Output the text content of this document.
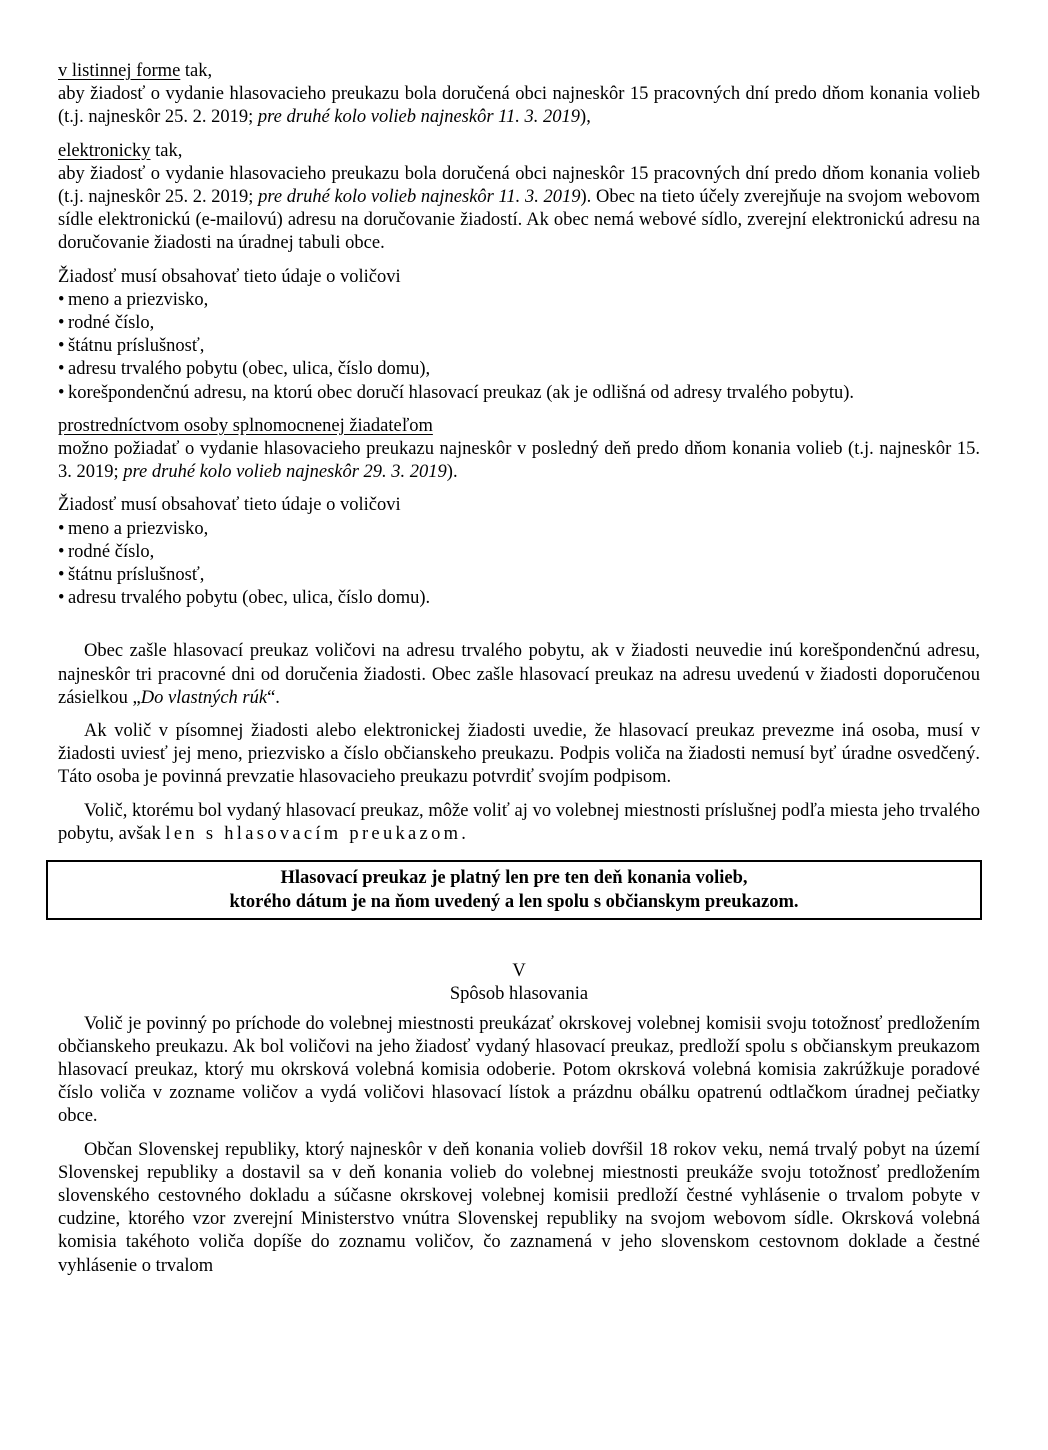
v listinnej forme tak,

aby žiadosť o vydanie hlasovacieho preukazu bola doručená obci najneskôr 15 pracovných dní predo dňom konania volieb (t.j. najneskôr 25. 2. 2019; pre druhé kolo volieb najneskôr 11. 3. 2019),

elektronicky tak,

aby žiadosť o vydanie hlasovacieho preukazu bola doručená obci najneskôr 15 pracovných dní predo dňom konania volieb (t.j. najneskôr 25. 2. 2019; pre druhé kolo volieb najneskôr 11. 3. 2019). Obec na tieto účely zverejňuje na svojom webovom sídle elektronickú (e-mailovú) adresu na doručovanie žiadostí. Ak obec nemá webové sídlo, zverejní elektronickú adresu na doručovanie žiadosti na úradnej tabuli obce.

Žiadosť musí obsahovať tieto údaje o voličovi

• meno a priezvisko,
• rodné číslo,
• štátnu príslušnosť,
• adresu trvalého pobytu (obec, ulica, číslo domu),
• korešpondenčnú adresu, na ktorú obec doručí hlasovací preukaz (ak je odlišná od adresy trvalého pobytu).

prostredníctvom osoby splnomocnenej žiadateľom

možno požiadať o vydanie hlasovacieho preukazu najneskôr v posledný deň predo dňom konania volieb (t.j. najneskôr 15. 3. 2019; pre druhé kolo volieb najneskôr 29. 3. 2019).

Žiadosť musí obsahovať tieto údaje o voličovi

• meno a priezvisko,
• rodné číslo,
• štátnu príslušnosť,
• adresu trvalého pobytu (obec, ulica, číslo domu).

Obec zašle hlasovací preukaz voličovi na adresu trvalého pobytu, ak v žiadosti neuvedie inú korešpondenčnú adresu, najneskôr tri pracovné dni od doručenia žiadosti. Obec zašle hlasovací preukaz na adresu uvedenú v žiadosti doporučenou zásielkou „Do vlastných rúk“.

Ak volič v písomnej žiadosti alebo elektronickej žiadosti uvedie, že hlasovací preukaz prevezme iná osoba, musí v žiadosti uviesť jej meno, priezvisko a číslo občianskeho preukazu. Podpis voliča na žiadosti nemusí byť úradne osvedčený. Táto osoba je povinná prevzatie hlasovacieho preukazu potvrdiť svojím podpisom.

Volič, ktorému bol vydaný hlasovací preukaz, môže voliť aj vo volebnej miestnosti príslušnej podľa miesta jeho trvalého pobytu, avšak len s hlasovacím preukazom.

Hlasovací preukaz je platný len pre ten deň konania volieb,
ktorého dátum je na ňom uvedený a len spolu s občianskym preukazom.

V

Spôsob hlasovania

Volič je povinný po príchode do volebnej miestnosti preukázať okrskovej volebnej komisii svoju totožnosť predložením občianskeho preukazu. Ak bol voličovi na jeho žiadosť vydaný hlasovací preukaz, predloží spolu s občianskym preukazom hlasovací preukaz, ktorý mu okrsková volebná komisia odoberie. Potom okrsková volebná komisia zakrúžkuje poradové číslo voliča v zozname voličov a vydá voličovi hlasovací lístok a prázdnu obálku opatrenú odtlačkom úradnej pečiatky obce.

Občan Slovenskej republiky, ktorý najneskôr v deň konania volieb dovŕšil 18 rokov veku, nemá trvalý pobyt na území Slovenskej republiky a dostavil sa v deň konania volieb do volebnej miestnosti preukáže svoju totožnosť predložením slovenského cestovného dokladu a súčasne okrskovej volebnej komisii predloží čestné vyhlásenie o trvalom pobyte v cudzine, ktorého vzor zverejní Ministerstvo vnútra Slovenskej republiky na svojom webovom sídle. Okrsková volebná komisia takéhoto voliča dopíše do zoznamu voličov, čo zaznamená v jeho slovenskom cestovnom doklade a čestné vyhlásenie o trvalom
